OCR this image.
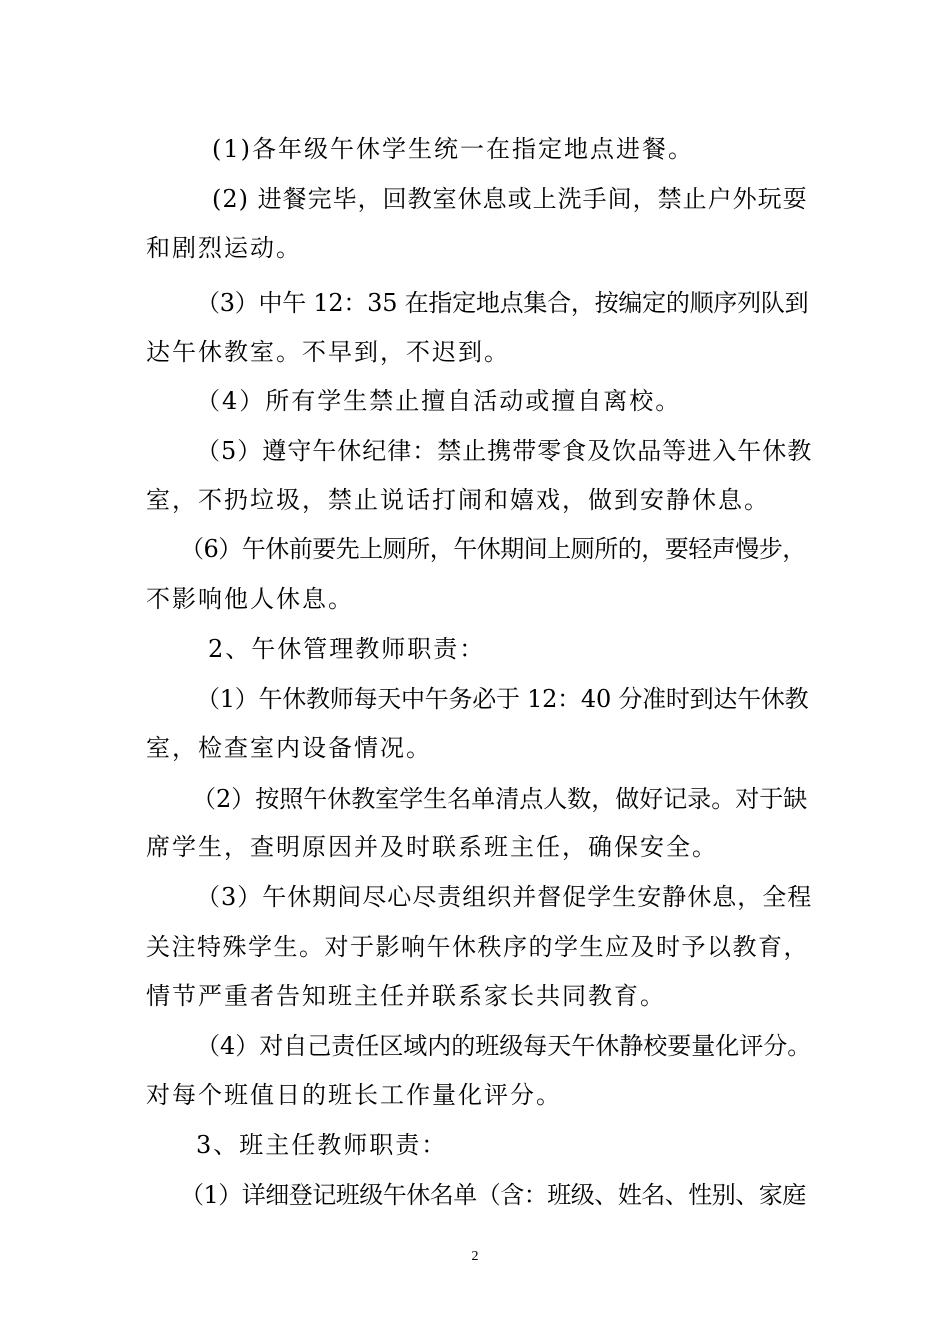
(1)各年级午休学生统一在指定地点进餐。
(2) 进餐完毕，回教室休息或上洗手间，禁止户外玩耍
和剧烈运动。
（3）中午 12：35 在指定地点集合，按编定的顺序列队到
达午休教室。不早到，不迟到。
（4）所有学生禁止擅自活动或擅自离校。
（5）遵守午休纪律：禁止携带零食及饮品等进入午休教
室，不扔垃圾，禁止说话打闹和嬉戏，做到安静休息。
（6）午休前要先上厕所，午休期间上厕所的，要轻声慢步，
不影响他人休息。
2、午休管理教师职责：
（1）午休教师每天中午务必于 12：40 分准时到达午休教
室，检查室内设备情况。
（2）按照午休教室学生名单清点人数，做好记录。对于缺
席学生，查明原因并及时联系班主任，确保安全。
（3）午休期间尽心尽责组织并督促学生安静休息，全程
关注特殊学生。对于影响午休秩序的学生应及时予以教育，
情节严重者告知班主任并联系家长共同教育。
（4）对自己责任区域内的班级每天午休静校要量化评分。
对每个班值日的班长工作量化评分。
3、班主任教师职责：
（1）详细登记班级午休名单（含：班级、姓名、性别、家庭
2
